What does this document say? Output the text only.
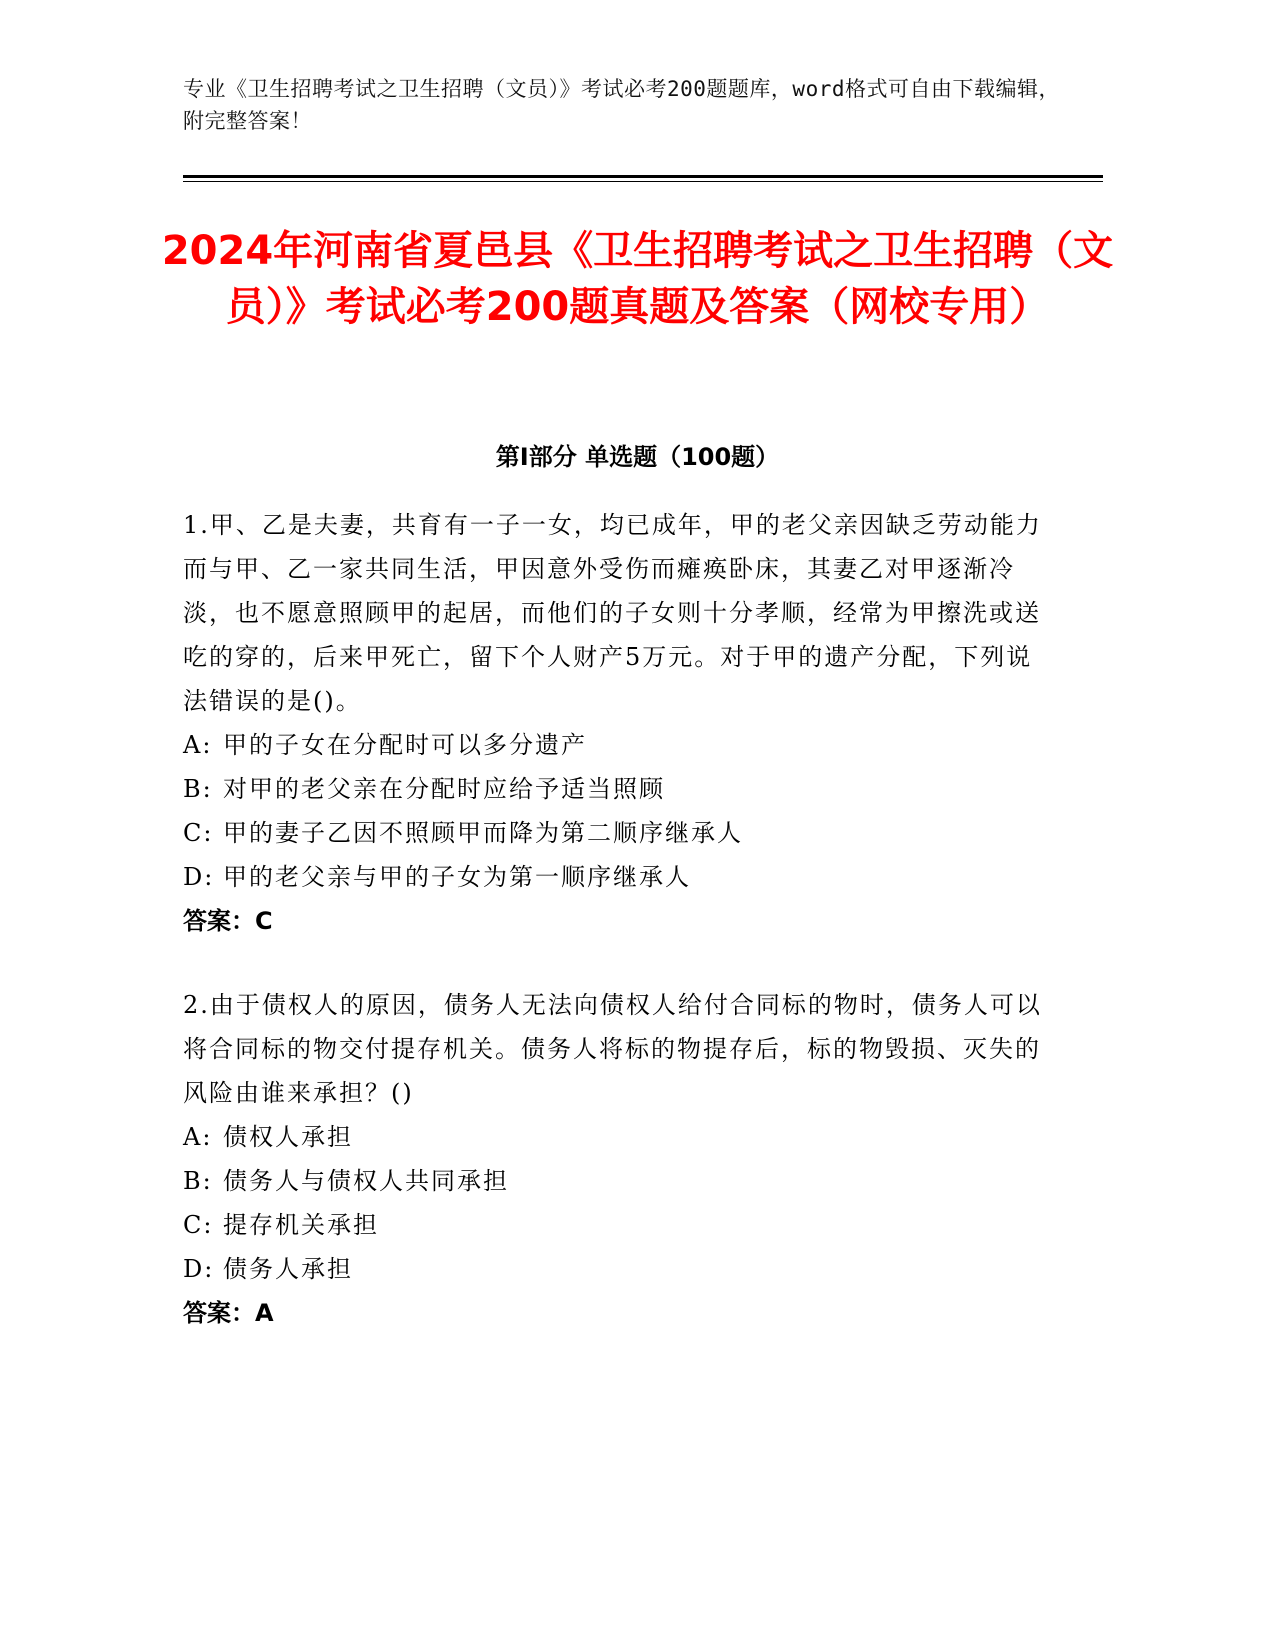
专业《卫生招聘考试之卫生招聘（文员）》考试必考200题题库，word格式可自由下载编辑，附完整答案！
2024年河南省夏邑县《卫生招聘考试之卫生招聘（文员）》考试必考200题真题及答案（网校专用）
第Ⅰ部分 单选题（100题）

1.甲、乙是夫妻，共育有一子一女，均已成年，甲的老父亲因缺乏劳动能力而与甲、乙一家共同生活，甲因意外受伤而瘫痪卧床，其妻乙对甲逐渐冷淡，也不愿意照顾甲的起居，而他们的子女则十分孝顺，经常为甲擦洗或送吃的穿的，后来甲死亡，留下个人财产5万元。对于甲的遗产分配，下列说法错误的是()。

A: 甲的子女在分配时可以多分遗产
B: 对甲的老父亲在分配时应给予适当照顾
C: 甲的妻子乙因不照顾甲而降为第二顺序继承人
D: 甲的老父亲与甲的子女为第一顺序继承人
答案：C

2.由于债权人的原因，债务人无法向债权人给付合同标的物时，债务人可以将合同标的物交付提存机关。债务人将标的物提存后，标的物毁损、灭失的风险由谁来承担？()

A: 债权人承担
B: 债务人与债权人共同承担
C: 提存机关承担
D: 债务人承担
答案：A
